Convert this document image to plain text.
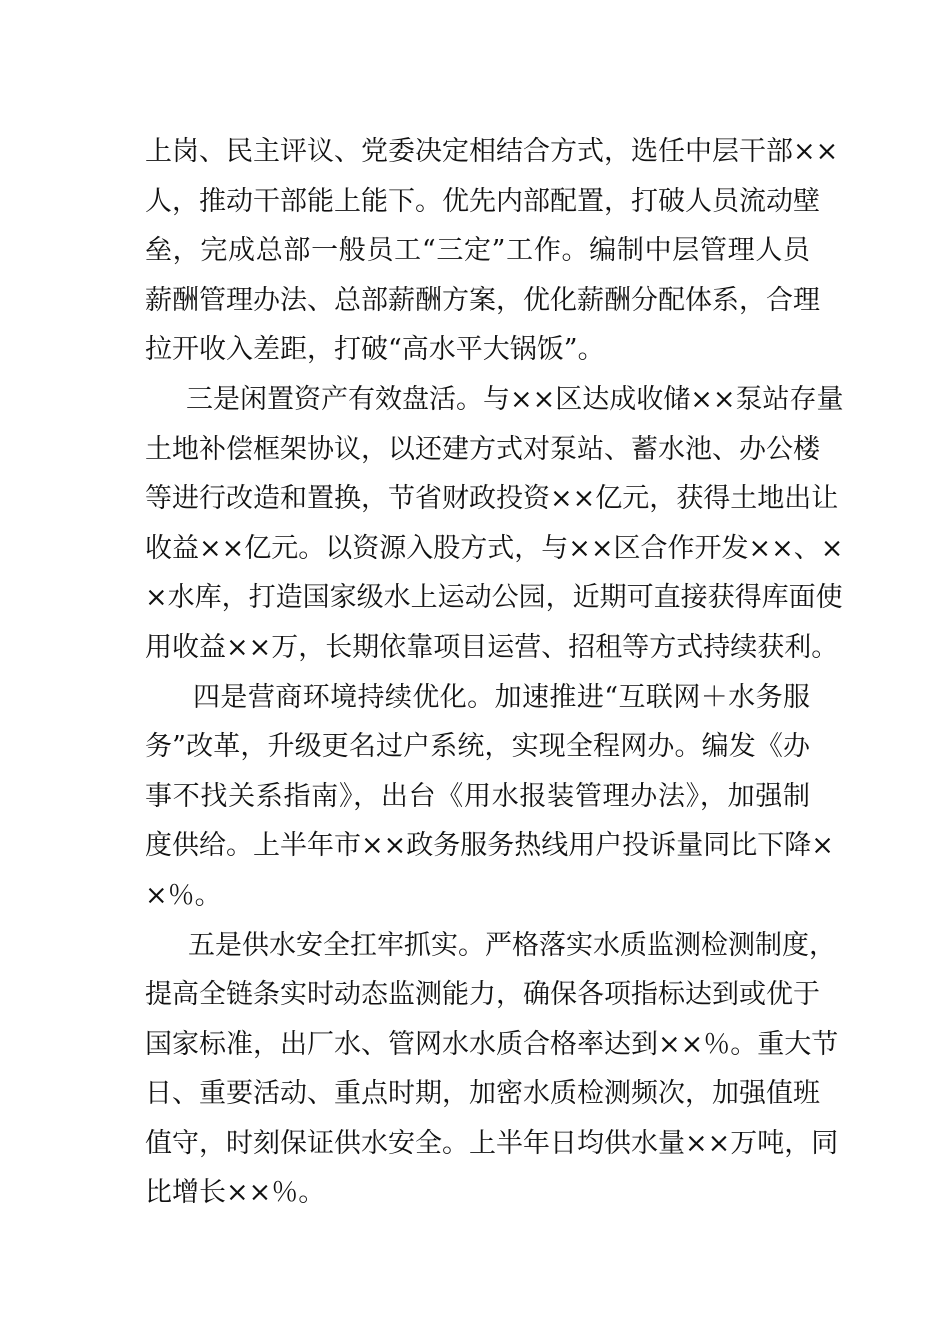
上岗、民主评议、党委决定相结合方式，选任中层干部××
人，推动干部能上能下。优先内部配置，打破人员流动壁
垒，完成总部一般员工“三定”工作。编制中层管理人员
薪酬管理办法、总部薪酬方案，优化薪酬分配体系，合理
拉开收入差距，打破“高水平大锅饭”。

三是闲置资产有效盘活。与××区达成收储××泵站存量
土地补偿框架协议，以还建方式对泵站、蓄水池、办公楼
等进行改造和置换，节省财政投资××亿元，获得土地出让
收益××亿元。以资源入股方式，与××区合作开发××、×
×水库，打造国家级水上运动公园，近期可直接获得库面使
用收益××万，长期依靠项目运营、招租等方式持续获利。

四是营商环境持续优化。加速推进“互联网＋水务服
务”改革，升级更名过户系统，实现全程网办。编发《办
事不找关系指南》，出台《用水报装管理办法》，加强制
度供给。上半年市××政务服务热线用户投诉量同比下降×
×％。

五是供水安全扛牢抓实。严格落实水质监测检测制度，
提高全链条实时动态监测能力，确保各项指标达到或优于
国家标准，出厂水、管网水水质合格率达到××％。重大节
日、重要活动、重点时期，加密水质检测频次，加强值班
值守，时刻保证供水安全。上半年日均供水量××万吨，同
比增长××％。
